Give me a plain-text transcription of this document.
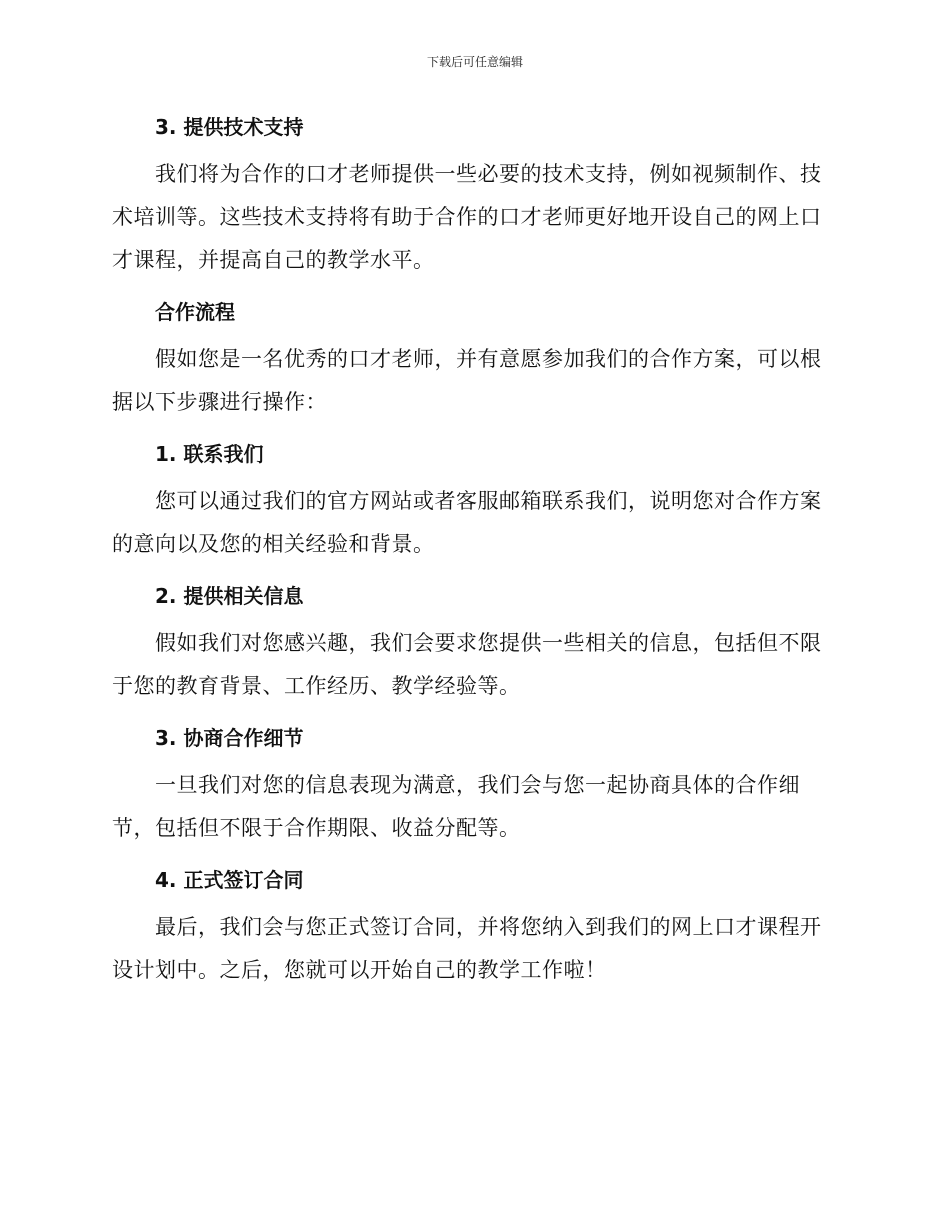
下载后可任意编辑
3. 提供技术支持

我们将为合作的口才老师提供一些必要的技术支持，例如视频制作、技术培训等。这些技术支持将有助于合作的口才老师更好地开设自己的网上口才课程，并提高自己的教学水平。

合作流程

假如您是一名优秀的口才老师，并有意愿参加我们的合作方案，可以根据以下步骤进行操作：

1. 联系我们

您可以通过我们的官方网站或者客服邮箱联系我们，说明您对合作方案的意向以及您的相关经验和背景。

2. 提供相关信息

假如我们对您感兴趣，我们会要求您提供一些相关的信息，包括但不限于您的教育背景、工作经历、教学经验等。

3. 协商合作细节

一旦我们对您的信息表现为满意，我们会与您一起协商具体的合作细节，包括但不限于合作期限、收益分配等。

4. 正式签订合同

最后，我们会与您正式签订合同，并将您纳入到我们的网上口才课程开设计划中。之后，您就可以开始自己的教学工作啦！
